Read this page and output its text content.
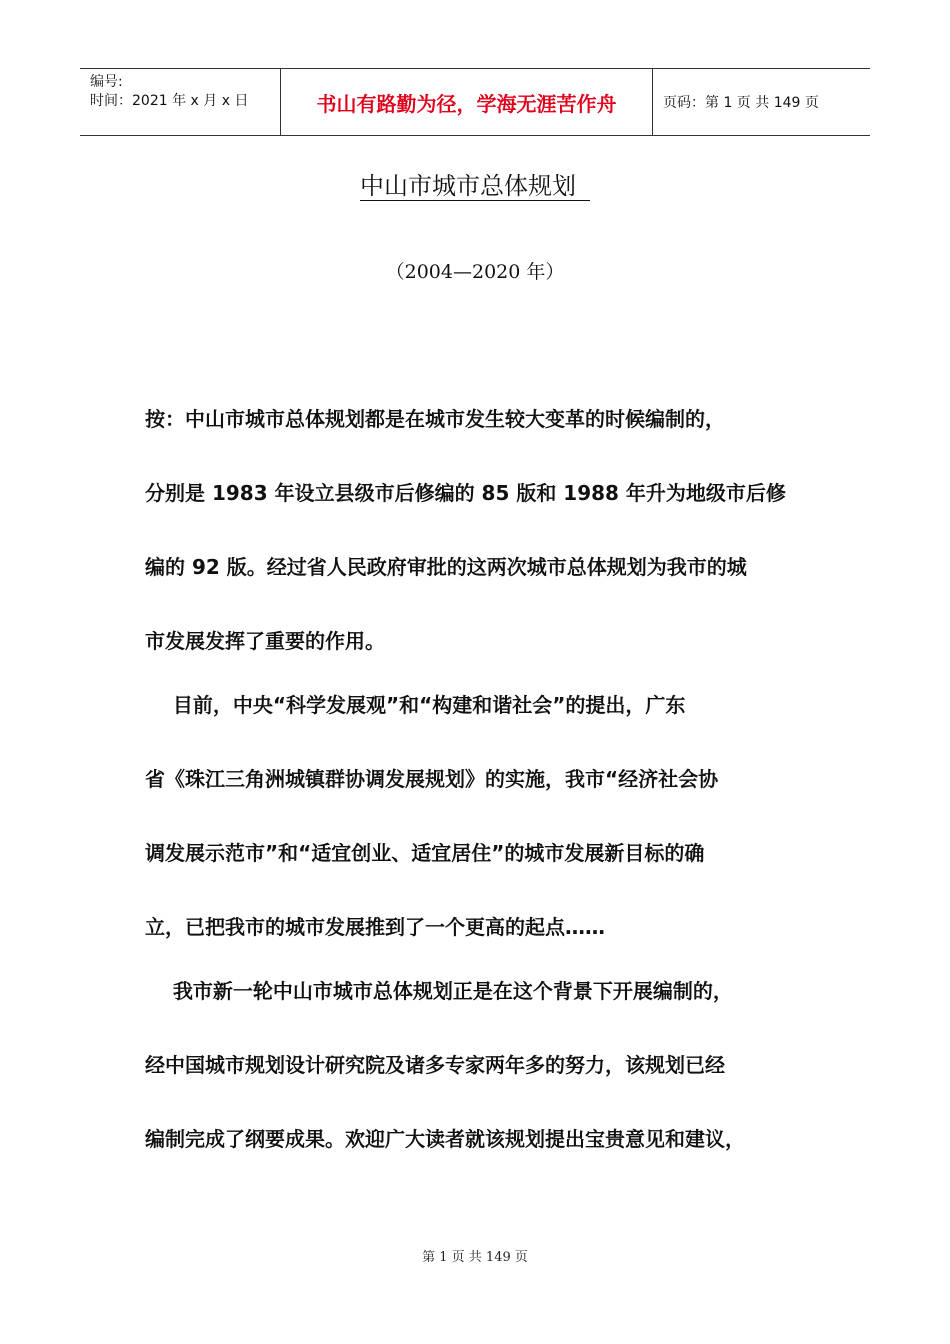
编号:
时间：2021 年 x 月 x 日	书山有路勤为径，学海无涯苦作舟	页码：第 1 页 共 149 页
中山市城市总体规划
（2004—2020 年）
按：中山市城市总体规划都是在城市发生较大变革的时候编制的，
分别是 1983 年设立县级市后修编的 85 版和 1988 年升为地级市后修
编的 92 版。经过省人民政府审批的这两次城市总体规划为我市的城
市发展发挥了重要的作用。
目前，中央“科学发展观”和“构建和谐社会”的提出，广东
省《珠江三角洲城镇群协调发展规划》的实施，我市“经济社会协
调发展示范市”和“适宜创业、适宜居住”的城市发展新目标的确
立，已把我市的城市发展推到了一个更高的起点……
我市新一轮中山市城市总体规划正是在这个背景下开展编制的，
经中国城市规划设计研究院及诸多专家两年多的努力，该规划已经
编制完成了纲要成果。欢迎广大读者就该规划提出宝贵意见和建议，
第 1 页 共 149 页
